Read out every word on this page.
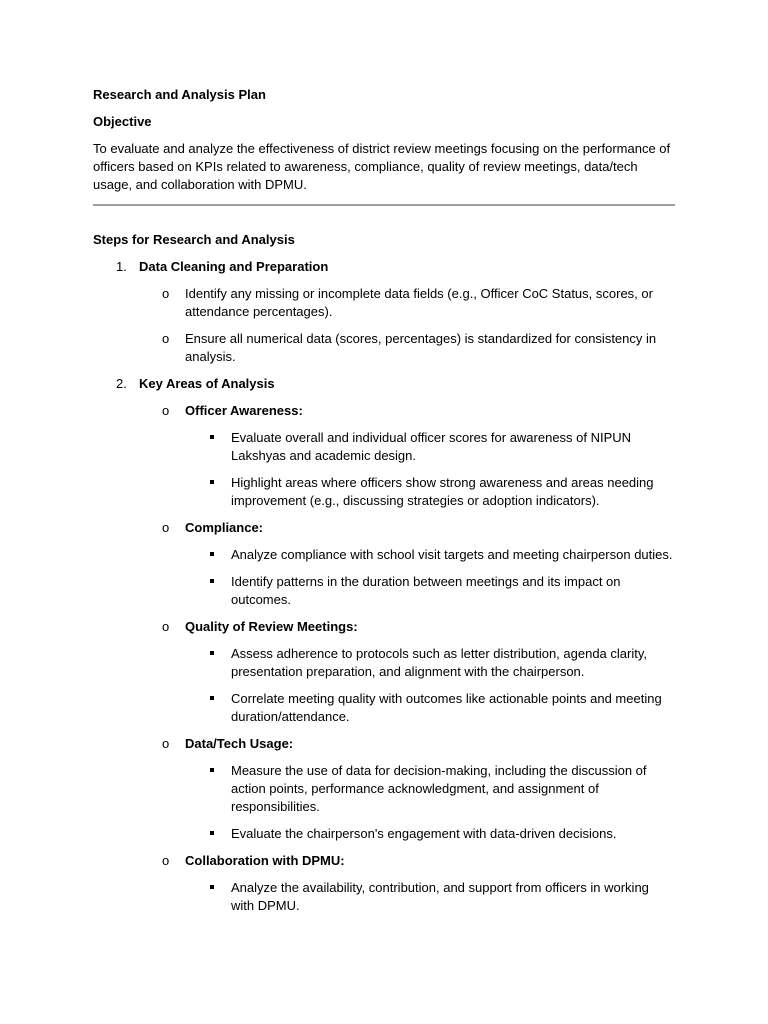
Research and Analysis Plan

Objective

To evaluate and analyze the effectiveness of district review meetings focusing on the performance of officers based on KPIs related to awareness, compliance, quality of review meetings, data/tech usage, and collaboration with DPMU.

Steps for Research and Analysis

1. Data Cleaning and Preparation

o Identify any missing or incomplete data fields (e.g., Officer CoC Status, scores, or attendance percentages).
o Ensure all numerical data (scores, percentages) is standardized for consistency in analysis.
2. Key Areas of Analysis

o Officer Awareness:
Evaluate overall and individual officer scores for awareness of NIPUN Lakshyas and academic design.
Highlight areas where officers show strong awareness and areas needing improvement (e.g., discussing strategies or adoption indicators).
o Compliance:
Analyze compliance with school visit targets and meeting chairperson duties.
Identify patterns in the duration between meetings and its impact on outcomes.
o Quality of Review Meetings:
Assess adherence to protocols such as letter distribution, agenda clarity, presentation preparation, and alignment with the chairperson.
Correlate meeting quality with outcomes like actionable points and meeting duration/attendance.
o Data/Tech Usage:
Measure the use of data for decision-making, including the discussion of action points, performance acknowledgment, and assignment of responsibilities.
Evaluate the chairperson's engagement with data-driven decisions.
o Collaboration with DPMU:
Analyze the availability, contribution, and support from officers in working with DPMU.
